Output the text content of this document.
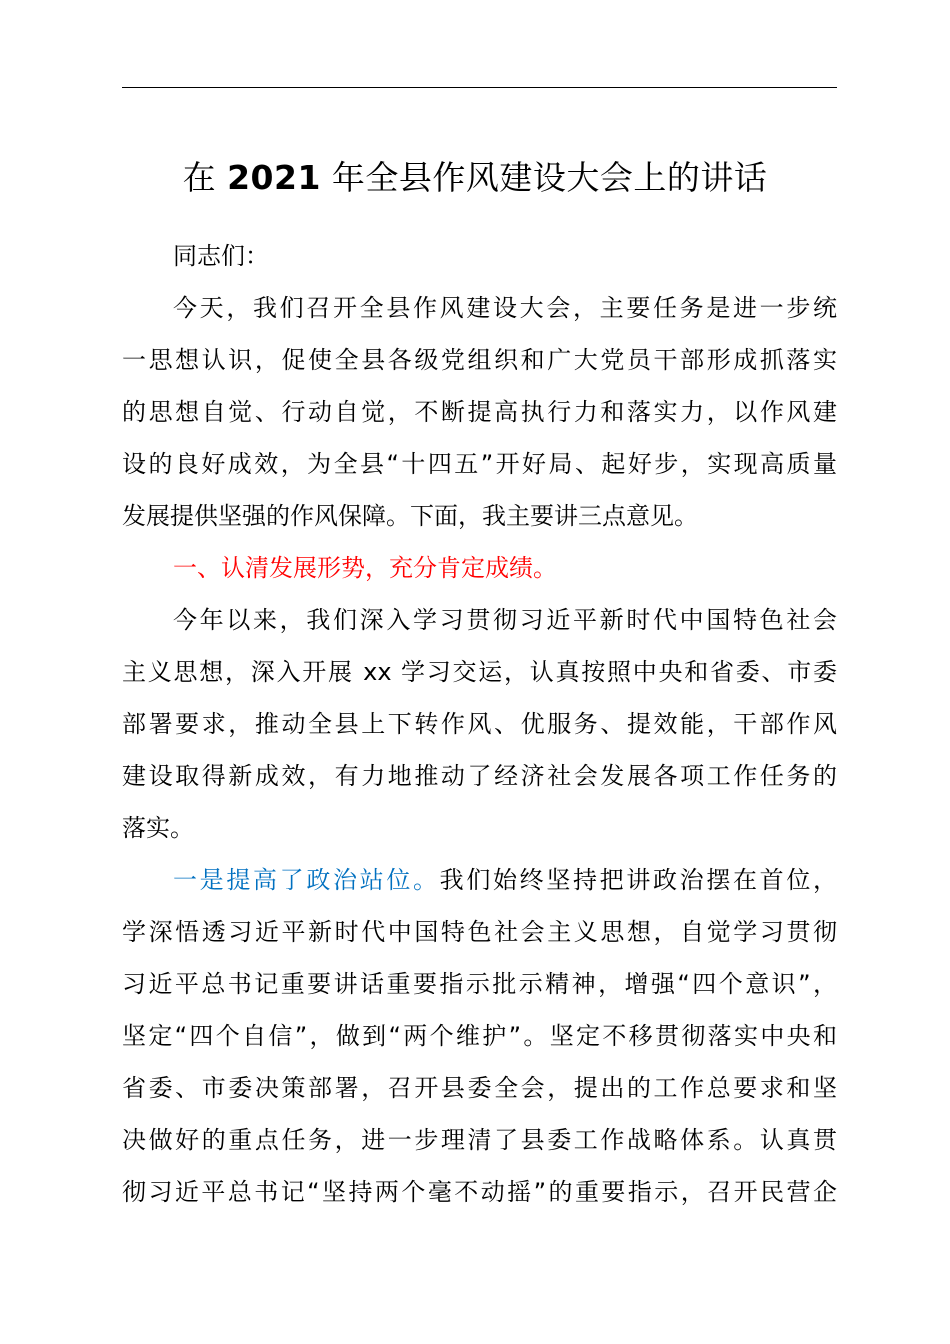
在 2021 年全县作风建设大会上的讲话
同志们：
今天，我们召开全县作风建设大会，主要任务是进一步统
一思想认识，促使全县各级党组织和广大党员干部形成抓落实
的思想自觉、行动自觉，不断提高执行力和落实力，以作风建
设的良好成效，为全县“十四五”开好局、起好步，实现高质量
发展提供坚强的作风保障。下面，我主要讲三点意见。
一、认清发展形势，充分肯定成绩。
今年以来，我们深入学习贯彻习近平新时代中国特色社会
主义思想，深入开展 xx 学习交运，认真按照中央和省委、市委
部署要求，推动全县上下转作风、优服务、提效能，干部作风
建设取得新成效，有力地推动了经济社会发展各项工作任务的
落实。
一是提高了政治站位。我们始终坚持把讲政治摆在首位，
学深悟透习近平新时代中国特色社会主义思想，自觉学习贯彻
习近平总书记重要讲话重要指示批示精神，增强“四个意识”，
坚定“四个自信”，做到“两个维护”。坚定不移贯彻落实中央和
省委、市委决策部署，召开县委全会，提出的工作总要求和坚
决做好的重点任务，进一步理清了县委工作战略体系。认真贯
彻习近平总书记“坚持两个毫不动摇”的重要指示，召开民营企
